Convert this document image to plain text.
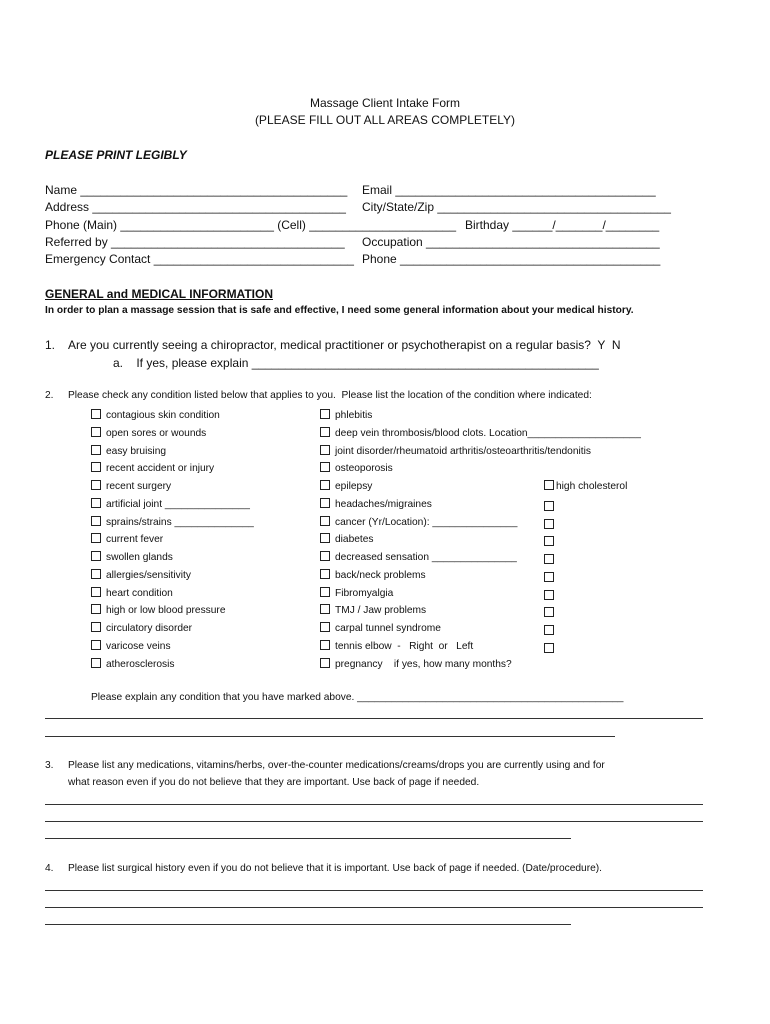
Massage Client Intake Form
(PLEASE FILL OUT ALL AREAS COMPLETELY)
PLEASE PRINT LEGIBLY
Name ________________________________________ Email _______________________________________
Address ______________________________________ City/State/Zip ___________________________________
Phone (Main) _______________________ (Cell) ______________________ Birthday ______/_______/________
Referred by ___________________________________ Occupation ___________________________________
Emergency Contact ______________________________ Phone _______________________________________
GENERAL and MEDICAL INFORMATION
In order to plan a massage session that is safe and effective, I need some general information about your medical history.
1. Are you currently seeing a chiropractor, medical practitioner or psychotherapist on a regular basis?  Y  N
a.    If yes, please explain ____________________________________________________
2. Please check any condition listed below that applies to you.  Please list the location of the condition where indicated:
contagious skin condition
open sores or wounds
easy bruising
recent accident or injury
recent surgery
artificial joint _______________
sprains/strains ______________
current fever
swollen glands
allergies/sensitivity
heart condition
high or low blood pressure
circulatory disorder
varicose veins
atherosclerosis
phlebitis
deep vein thrombosis/blood clots. Location____________________
joint disorder/rheumatoid arthritis/osteoarthritis/tendonitis
osteoporosis
epilepsy
headaches/migraines
cancer (Yr/Location): _______________
diabetes
decreased sensation _______________
back/neck problems
Fibromyalgia
TMJ / Jaw problems
carpal tunnel syndrome
tennis elbow  -   Right  or   Left
pregnancy    if yes, how many months?
high cholesterol
Please explain any condition that you have marked above. _______________________________________________
3. Please list any medications, vitamins/herbs, over-the-counter medications/creams/drops you are currently using and for
what reason even if you do not believe that they are important. Use back of page if needed.
4. Please list surgical history even if you do not believe that it is important. Use back of page if needed. (Date/procedure).
